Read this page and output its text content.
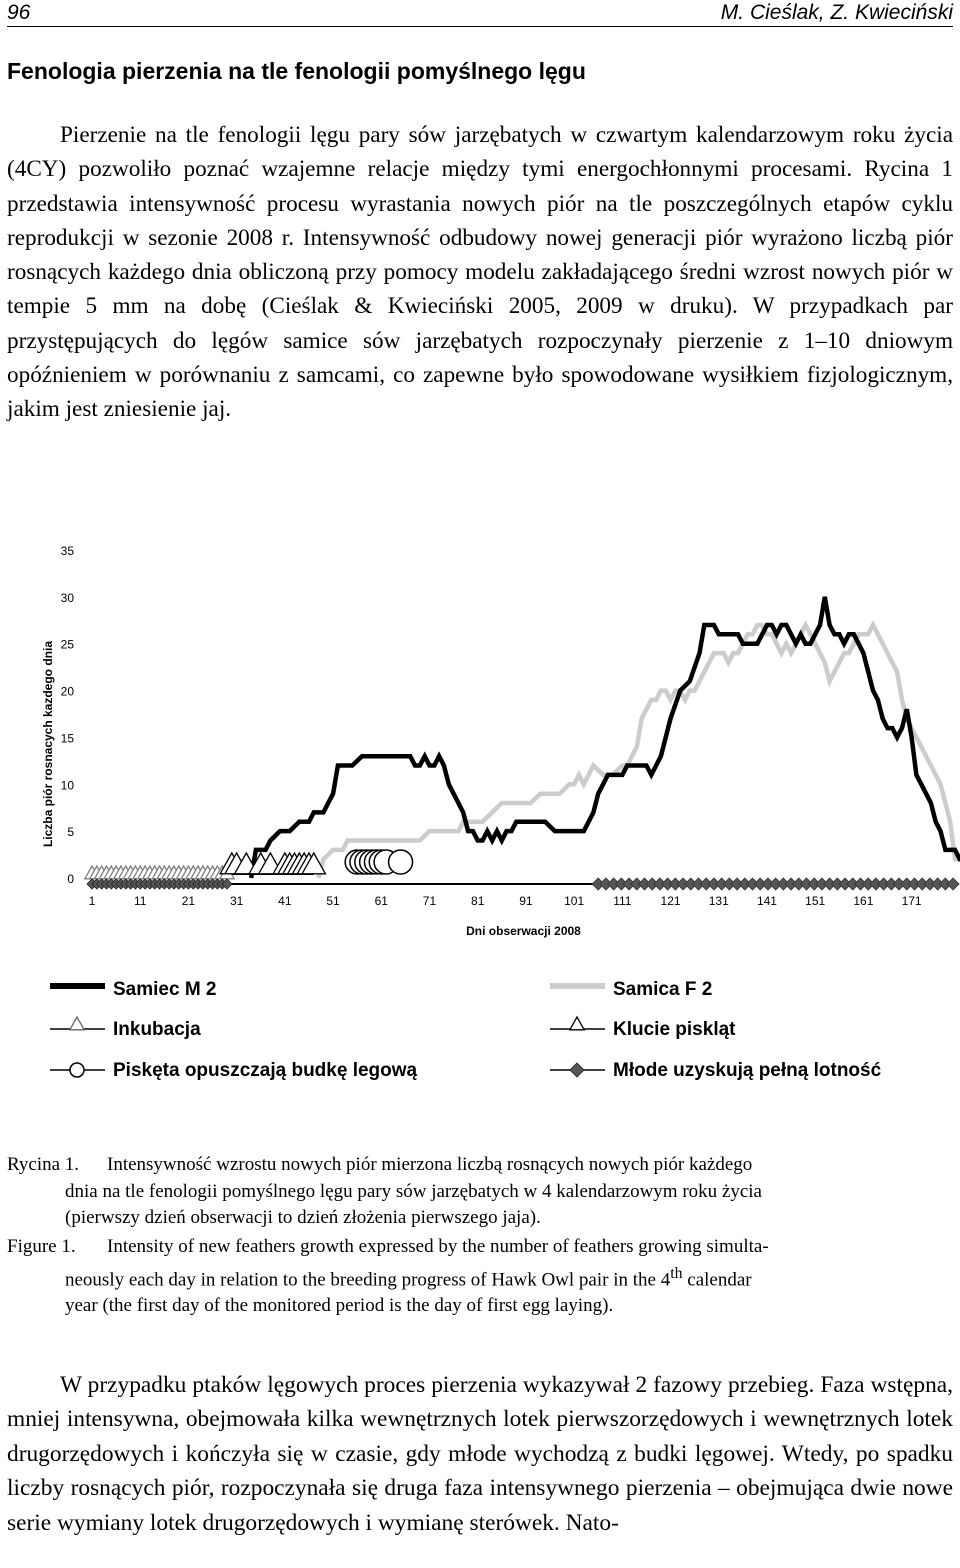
96	M. Cieślak, Z. Kwieciński
Fenologia pierzenia na tle fenologii pomyślnego lęgu

Pierzenie na tle fenologii lęgu pary sów jarzębatych w czwartym kalendarzowym roku życia (4CY) pozwoliło poznać wzajemne relacje między tymi energochłonnymi procesami. Rycina 1 przedstawia intensywność procesu wyrastania nowych piór na tle poszczególnych etapów cyklu reprodukcji w sezonie 2008 r. Intensywność odbudowy nowej generacji piór wyrażono liczbą piór rosnących każdego dnia obliczoną przy pomocy modelu zakładającego średni wzrost nowych piór w tempie 5 mm na dobę (Cieślak & Kwieciński 2005, 2009 w druku). W przypadkach par przystępujących do lęgów samice sów jarzębatych rozpoczynały pierzenie z 1–10 dniowym opóźnieniem w porównaniu z samcami, co zapewne było spowodowane wysiłkiem fizjologicznym, jakim jest zniesienie jaj.

0
5
10
15
20
25
30
35
1	11	21	31	41	51	61	71	81	91	101 111 121 131 141 151 161 171
Liczba piór rosnacych kazdego dnia
Dni obserwacji 2008
Samiec M 2	Samica F 2
Inkubacja	Klucie piskląt
Piskęta opuszczają budkę legową	Młode uzyskują pełną lotność
Rycina 1. Intensywność wzrostu nowych piór mierzona liczbą rosnących nowych piór każdego
dnia na tle fenologii pomyślnego lęgu pary sów jarzębatych w 4 kalendarzowym roku życia
(pierwszy dzień obserwacji to dzień złożenia pierwszego jaja).
Figure 1. Intensity of new feathers growth expressed by the number of feathers growing simulta-
neously each day in relation to the breeding progress of Hawk Owl pair in the 4th calendar
year (the first day of the monitored period is the day of first egg laying).

W przypadku ptaków lęgowych proces pierzenia wykazywał 2 fazowy przebieg. Faza wstępna, mniej intensywna, obejmowała kilka wewnętrznych lotek pierwszorzędowych i wewnętrznych lotek drugorzędowych i kończyła się w czasie, gdy młode wychodzą z budki lęgowej. Wtedy, po spadku liczby rosnących piór, rozpoczynała się druga faza intensywnego pierzenia – obejmująca dwie nowe serie wymiany lotek drugorzędowych i wymianę sterówek. Nato-
